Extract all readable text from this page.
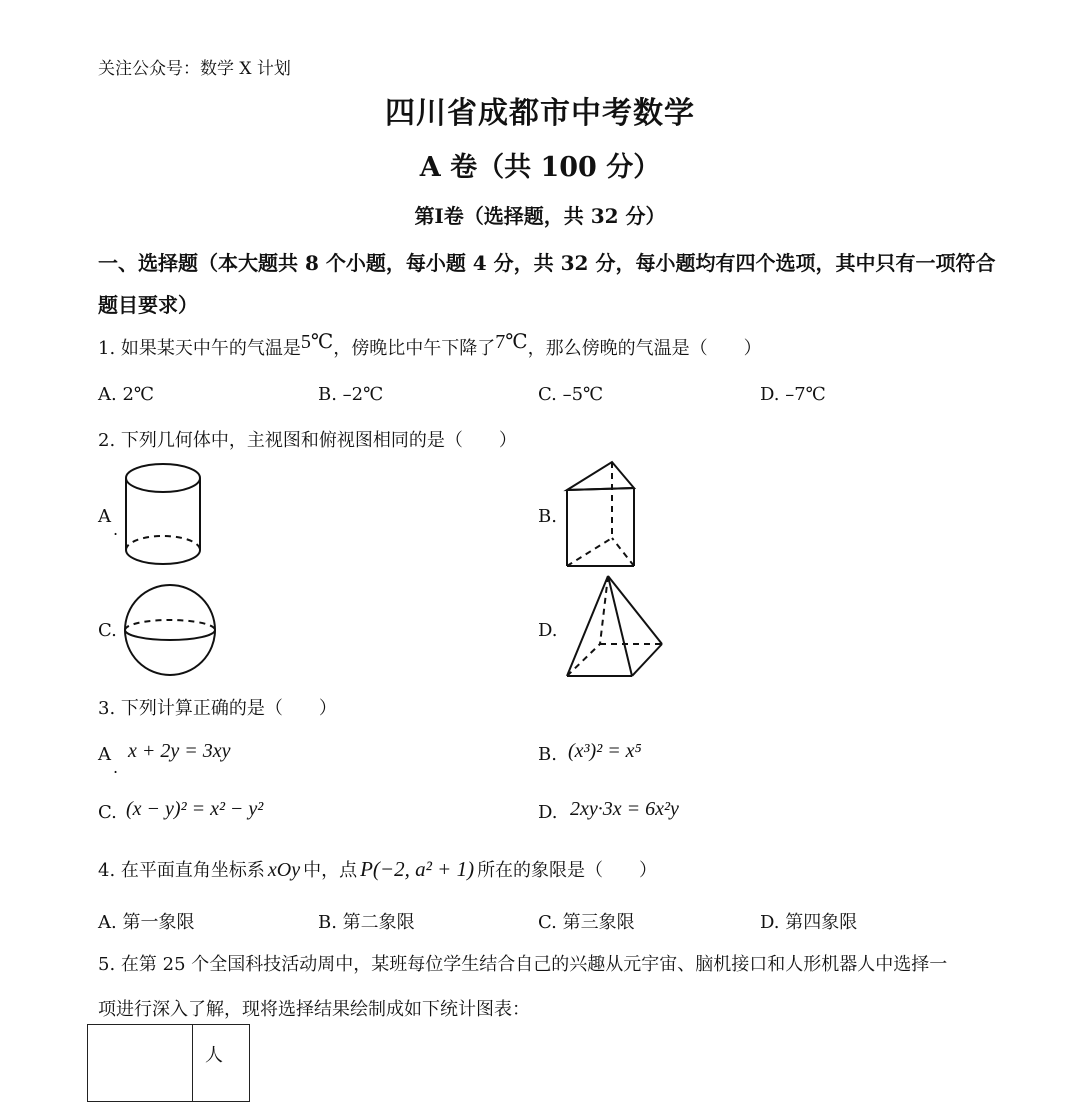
关注公众号：数学 X 计划
四川省成都市中考数学
A 卷（共 100 分）
第Ⅰ卷（选择题，共 32 分）
一、选择题（本大题共 8 个小题，每小题 4 分，共 32 分，每小题均有四个选项，其中只有一项符合题目要求）
1. 如果某天中午的气温是5℃，傍晚比中午下降了7℃，那么傍晚的气温是（　　）
A. 2℃	B. –2℃	C. –5℃	D. –7℃
2. 下列几何体中，主视图和俯视图相同的是（　　）
A
.
B.
C.	D.
3. 下列计算正确的是（　　）
A
.
x + 2y = 3xy	B. (x³)² = x⁵
C. (x − y)² = x² − y²	D. 2xy·3x = 6x²y
4. 在平面直角坐标系 xOy 中，点 P(−2, a² + 1) 所在的象限是（　　）
A. 第一象限	B. 第二象限	C. 第三象限	D. 第四象限
5. 在第 25 个全国科技活动周中，某班每位学生结合自己的兴趣从元宇宙、脑机接口和人形机器人中选择一
项进行深入了解，现将选择结果绘制成如下统计图表：
	人
